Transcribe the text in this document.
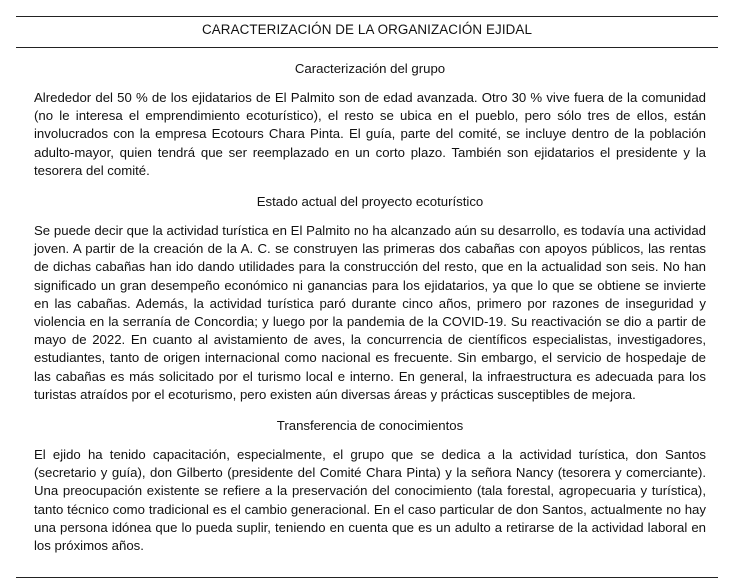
CARACTERIZACIÓN DE LA ORGANIZACIÓN EJIDAL
Caracterización del grupo

Alrededor del 50 % de los ejidatarios de El Palmito son de edad avanzada. Otro 30 % vive fuera de la comunidad (no le interesa el emprendimiento ecoturístico), el resto se ubica en el pueblo, pero sólo tres de ellos, están involucrados con la empresa Ecotours Chara Pinta. El guía, parte del comité, se incluye dentro de la población adulto-mayor, quien tendrá que ser reemplazado en un corto plazo. También son ejidatarios el presidente y la tesorera del comité.

Estado actual del proyecto ecoturístico

Se puede decir que la actividad turística en El Palmito no ha alcanzado aún su desarrollo, es todavía una actividad joven. A partir de la creación de la A. C. se construyen las primeras dos cabañas con apoyos públicos, las rentas de dichas cabañas han ido dando utilidades para la construcción del resto, que en la actualidad son seis. No han significado un gran desempeño económico ni ganancias para los ejidatarios, ya que lo que se obtiene se invierte en las cabañas. Además, la actividad turística paró durante cinco años, primero por razones de inseguridad y violencia en la serranía de Concordia; y luego por la pandemia de la COVID-19. Su reactivación se dio a partir de mayo de 2022. En cuanto al avistamiento de aves, la concurrencia de científicos especialistas, investigadores, estudiantes, tanto de origen internacional como nacional es frecuente. Sin embargo, el servicio de hospedaje de las cabañas es más solicitado por el turismo local e interno. En general, la infraestructura es adecuada para los turistas atraídos por el ecoturismo, pero existen aún diversas áreas y prácticas susceptibles de mejora.

Transferencia de conocimientos

El ejido ha tenido capacitación, especialmente, el grupo que se dedica a la actividad turística, don Santos (secretario y guía), don Gilberto (presidente del Comité Chara Pinta) y la señora Nancy (tesorera y comerciante). Una preocupación existente se refiere a la preservación del conocimiento (tala forestal, agropecuaria y turística), tanto técnico como tradicional es el cambio generacional. En el caso particular de don Santos, actualmente no hay una persona idónea que lo pueda suplir, teniendo en cuenta que es un adulto a retirarse de la actividad laboral en los próximos años.
